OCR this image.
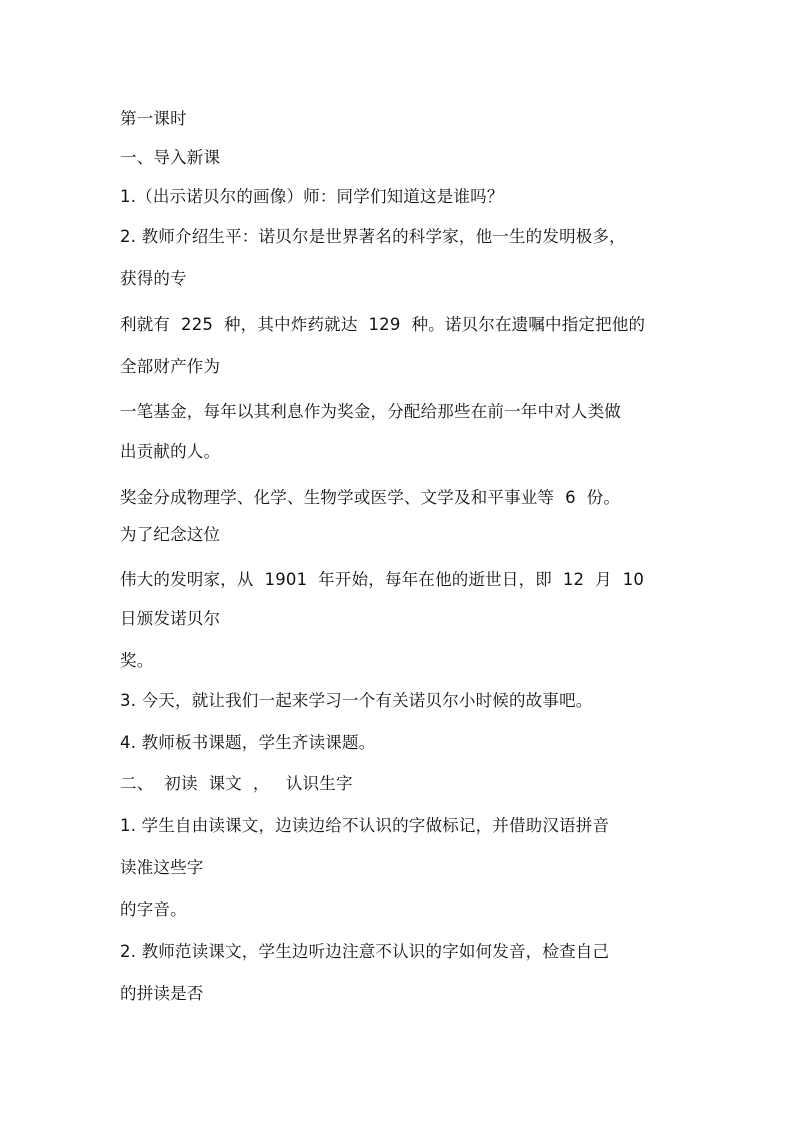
第一课时
一、导入新课
1.（出示诺贝尔的画像）师：同学们知道这是谁吗？
2. 教师介绍生平：诺贝尔是世界著名的科学家，他一生的发明极多，
获得的专
利就有  225  种，其中炸药就达  129  种。诺贝尔在遗嘱中指定把他的
全部财产作为
一笔基金，每年以其利息作为奖金，分配给那些在前一年中对人类做
出贡献的人。
奖金分成物理学、化学、生物学或医学、文学及和平事业等  6  份。
为了纪念这位
伟大的发明家，从  1901  年开始，每年在他的逝世日，即  12  月  10
日颁发诺贝尔
奖。
3. 今天，就让我们一起来学习一个有关诺贝尔小时候的故事吧。
4. 教师板书课题，学生齐读课题。
二、  初读  课文  ，   认识生字
1. 学生自由读课文，边读边给不认识的字做标记，并借助汉语拼音
读准这些字
的字音。
2. 教师范读课文，学生边听边注意不认识的字如何发音，检查自己
的拼读是否
